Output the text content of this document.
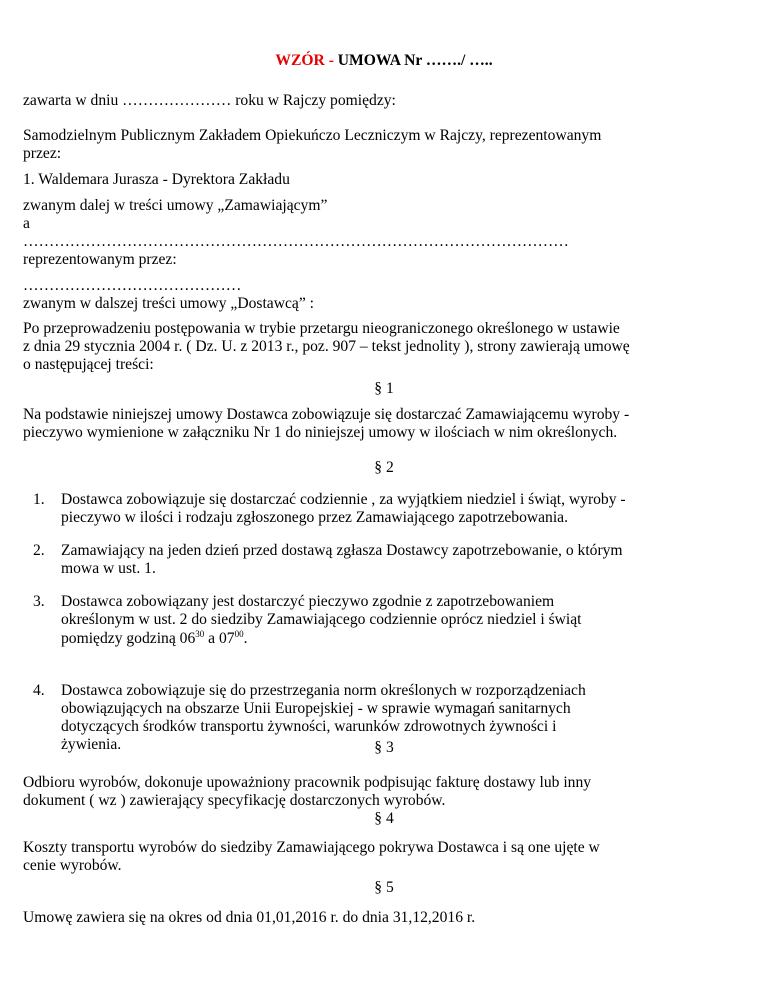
WZÓR - UMOWA Nr ……./ …..
zawarta w dniu ………………… roku w Rajczy pomiędzy:
Samodzielnym Publicznym Zakładem Opiekuńczo Leczniczym w Rajczy, reprezentowanym
przez:
1. Waldemara Jurasza - Dyrektora Zakładu
zwanym dalej w treści umowy „Zamawiającym”
a
……………………………………………………………………………………………
reprezentowanym przez:
……………………………………
zwanym w dalszej treści umowy „Dostawcą” :
Po przeprowadzeniu postępowania w trybie przetargu nieograniczonego określonego w ustawie
z dnia 29 stycznia 2004 r. ( Dz. U. z 2013 r., poz. 907 – tekst jednolity ), strony zawierają umowę
o następującej treści:
§ 1
Na podstawie niniejszej umowy Dostawca zobowiązuje się dostarczać Zamawiającemu wyroby -
pieczywo wymienione w załączniku Nr 1 do niniejszej umowy w ilościach w nim określonych.
§ 2
1. Dostawca zobowiązuje się dostarczać codziennie , za wyjątkiem niedziel i świąt, wyroby -
pieczywo w ilości i rodzaju zgłoszonego przez Zamawiającego zapotrzebowania.
2. Zamawiający na jeden dzień przed dostawą zgłasza Dostawcy zapotrzebowanie, o którym
mowa w ust. 1.
3. Dostawca zobowiązany jest dostarczyć pieczywo zgodnie z zapotrzebowaniem
określonym w ust. 2 do siedziby Zamawiającego codziennie oprócz niedziel i świąt
pomiędzy godziną $06^{30}$ a $07^{00}$.
4. Dostawca zobowiązuje się do przestrzegania norm określonych w rozporządzeniach
obowiązujących na obszarze Unii Europejskiej - w sprawie wymagań sanitarnych
dotyczących środków transportu żywności, warunków zdrowotnych żywności i
żywienia.	§ 3
Odbioru wyrobów, dokonuje upoważniony pracownik podpisując fakturę dostawy lub inny
dokument ( wz ) zawierający specyfikację dostarczonych wyrobów.
§ 4
Koszty transportu wyrobów do siedziby Zamawiającego pokrywa Dostawca i są one ujęte w
cenie wyrobów.
§ 5
Umowę zawiera się na okres od dnia 01,01,2016 r. do dnia 31,12,2016 r.
